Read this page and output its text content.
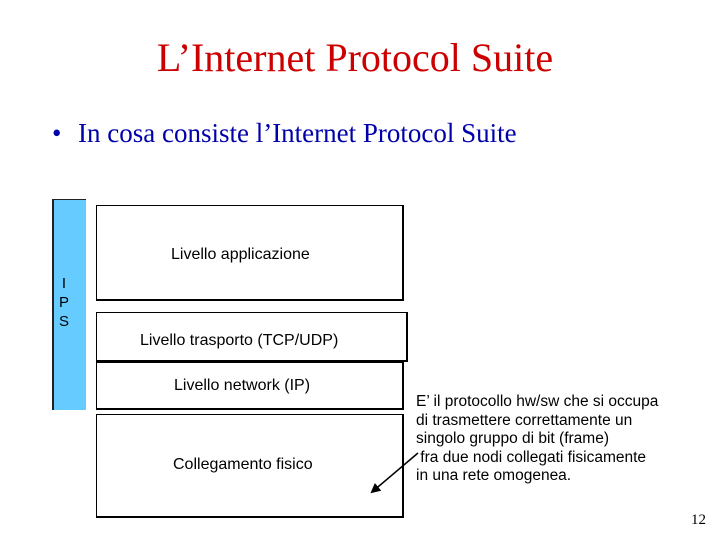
L’Internet Protocol Suite
• In cosa consiste l’Internet Protocol Suite
I
P
S
Livello applicazione
Livello trasporto (TCP/UDP)
Livello network (IP)
Collegamento fisico
E’ il protocollo hw/sw che si occupa
di trasmettere correttamente un
singolo gruppo di bit (frame)
fra due nodi collegati fisicamente
in una rete omogenea.
12
